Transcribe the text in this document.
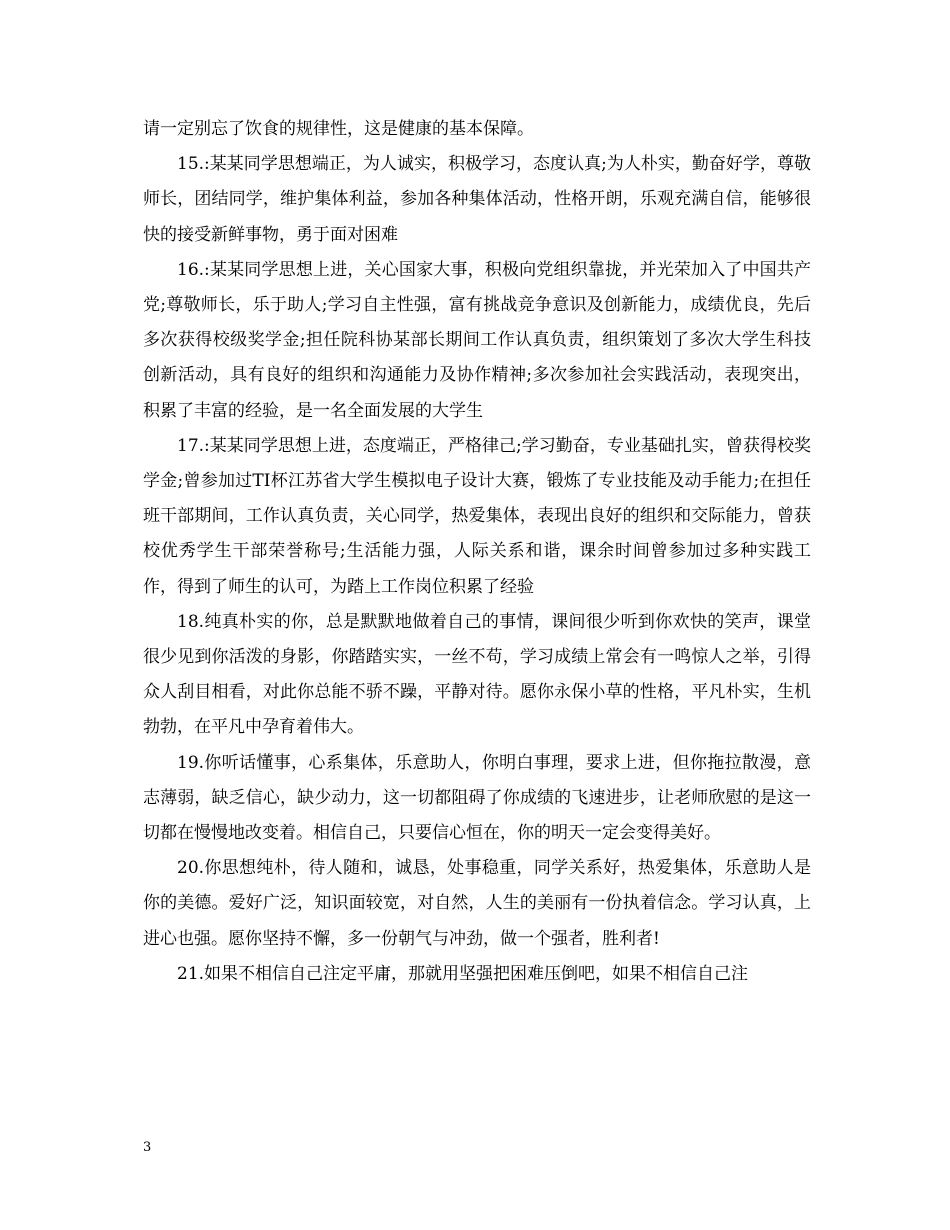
请一定别忘了饮食的规律性，这是健康的基本保障。

15.:某某同学思想端正，为人诚实，积极学习，态度认真;为人朴实，勤奋好学，尊敬师长，团结同学，维护集体利益，参加各种集体活动，性格开朗，乐观充满自信，能够很快的接受新鲜事物，勇于面对困难

16.:某某同学思想上进，关心国家大事，积极向党组织靠拢，并光荣加入了中国共产党;尊敬师长，乐于助人;学习自主性强，富有挑战竞争意识及创新能力，成绩优良，先后多次获得校级奖学金;担任院科协某部长期间工作认真负责，组织策划了多次大学生科技创新活动，具有良好的组织和沟通能力及协作精神;多次参加社会实践活动，表现突出，积累了丰富的经验，是一名全面发展的大学生

17.:某某同学思想上进，态度端正，严格律己;学习勤奋，专业基础扎实，曾获得校奖学金;曾参加过TI杯江苏省大学生模拟电子设计大赛，锻炼了专业技能及动手能力;在担任班干部期间，工作认真负责，关心同学，热爱集体，表现出良好的组织和交际能力，曾获校优秀学生干部荣誉称号;生活能力强，人际关系和谐，课余时间曾参加过多种实践工作，得到了师生的认可，为踏上工作岗位积累了经验

18.纯真朴实的你，总是默默地做着自己的事情，课间很少听到你欢快的笑声，课堂很少见到你活泼的身影，你踏踏实实，一丝不苟，学习成绩上常会有一鸣惊人之举，引得众人刮目相看，对此你总能不骄不躁，平静对待。愿你永保小草的性格，平凡朴实，生机勃勃，在平凡中孕育着伟大。

19.你听话懂事，心系集体，乐意助人，你明白事理，要求上进，但你拖拉散漫，意志薄弱，缺乏信心，缺少动力，这一切都阻碍了你成绩的飞速进步，让老师欣慰的是这一切都在慢慢地改变着。相信自己，只要信心恒在，你的明天一定会变得美好。

20.你思想纯朴，待人随和，诚恳，处事稳重，同学关系好，热爱集体，乐意助人是你的美德。爱好广泛，知识面较宽，对自然，人生的美丽有一份执着信念。学习认真，上进心也强。愿你坚持不懈，多一份朝气与冲劲，做一个强者，胜利者!

21.如果不相信自己注定平庸，那就用坚强把困难压倒吧，如果不相信自己注

3
